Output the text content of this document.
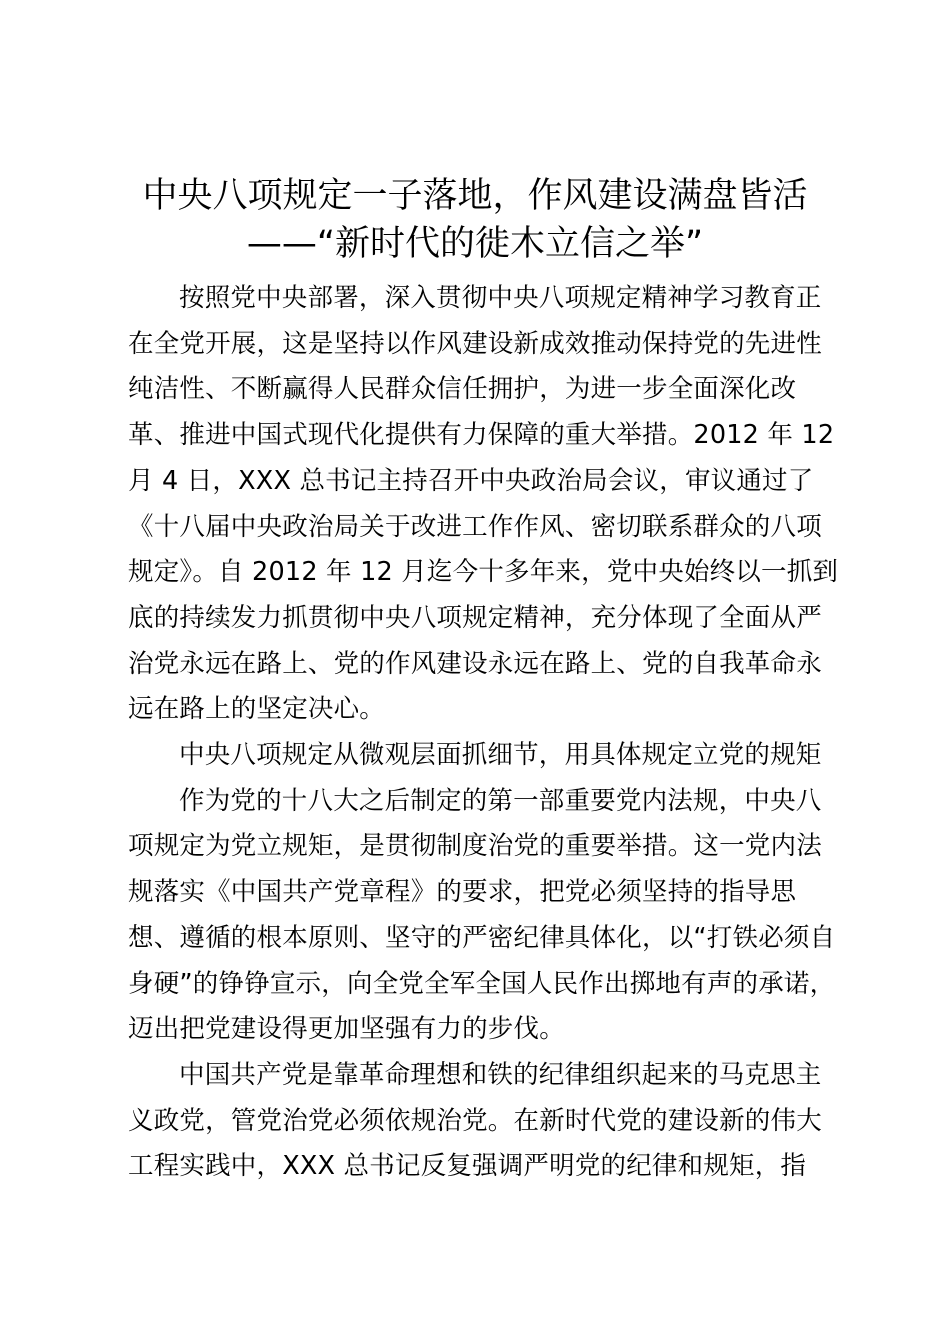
中央八项规定一子落地，作风建设满盘皆活
——“新时代的徙木立信之举”
按照党中央部署，深入贯彻中央八项规定精神学习教育正
在全党开展，这是坚持以作风建设新成效推动保持党的先进性
纯洁性、不断赢得人民群众信任拥护，为进一步全面深化改
革、推进中国式现代化提供有力保障的重大举措。2012 年 12
月 4 日，XXX 总书记主持召开中央政治局会议，审议通过了
《十八届中央政治局关于改进工作作风、密切联系群众的八项
规定》。自 2012 年 12 月迄今十多年来，党中央始终以一抓到
底的持续发力抓贯彻中央八项规定精神，充分体现了全面从严
治党永远在路上、党的作风建设永远在路上、党的自我革命永
远在路上的坚定决心。
中央八项规定从微观层面抓细节，用具体规定立党的规矩
作为党的十八大之后制定的第一部重要党内法规，中央八
项规定为党立规矩，是贯彻制度治党的重要举措。这一党内法
规落实《中国共产党章程》的要求，把党必须坚持的指导思
想、遵循的根本原则、坚守的严密纪律具体化，以“打铁必须自
身硬”的铮铮宣示，向全党全军全国人民作出掷地有声的承诺，
迈出把党建设得更加坚强有力的步伐。
中国共产党是靠革命理想和铁的纪律组织起来的马克思主
义政党，管党治党必须依规治党。在新时代党的建设新的伟大
工程实践中，XXX 总书记反复强调严明党的纪律和规矩，指
